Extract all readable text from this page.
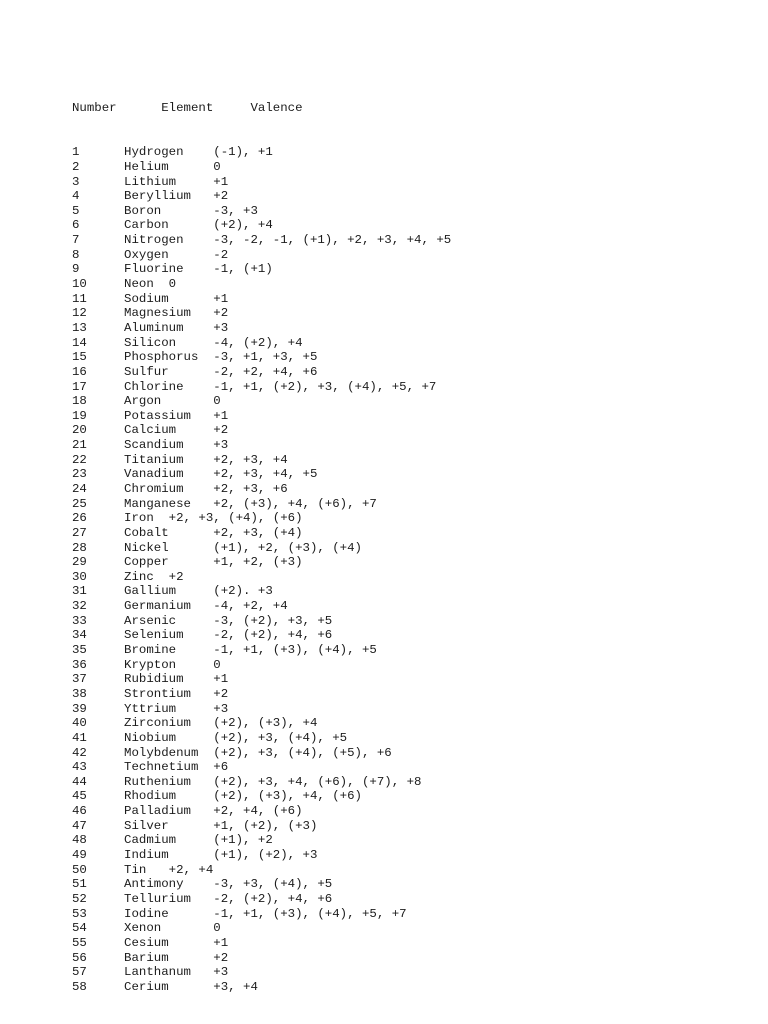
Number      Element     Valence

1      Hydrogen    (-1), +1
2      Helium      0
3      Lithium     +1
4      Beryllium   +2
5      Boron       -3, +3
6      Carbon      (+2), +4
7      Nitrogen    -3, -2, -1, (+1), +2, +3, +4, +5
8      Oxygen      -2
9      Fluorine    -1, (+1)
10     Neon  0
11     Sodium      +1
12     Magnesium   +2
13     Aluminum    +3
14     Silicon     -4, (+2), +4
15     Phosphorus  -3, +1, +3, +5
16     Sulfur      -2, +2, +4, +6
17     Chlorine    -1, +1, (+2), +3, (+4), +5, +7
18     Argon       0
19     Potassium   +1
20     Calcium     +2
21     Scandium    +3
22     Titanium    +2, +3, +4
23     Vanadium    +2, +3, +4, +5
24     Chromium    +2, +3, +6
25     Manganese   +2, (+3), +4, (+6), +7
26     Iron  +2, +3, (+4), (+6)
27     Cobalt      +2, +3, (+4)
28     Nickel      (+1), +2, (+3), (+4)
29     Copper      +1, +2, (+3)
30     Zinc  +2
31     Gallium     (+2). +3
32     Germanium   -4, +2, +4
33     Arsenic     -3, (+2), +3, +5
34     Selenium    -2, (+2), +4, +6
35     Bromine     -1, +1, (+3), (+4), +5
36     Krypton     0
37     Rubidium    +1
38     Strontium   +2
39     Yttrium     +3
40     Zirconium   (+2), (+3), +4
41     Niobium     (+2), +3, (+4), +5
42     Molybdenum  (+2), +3, (+4), (+5), +6
43     Technetium  +6
44     Ruthenium   (+2), +3, +4, (+6), (+7), +8
45     Rhodium     (+2), (+3), +4, (+6)
46     Palladium   +2, +4, (+6)
47     Silver      +1, (+2), (+3)
48     Cadmium     (+1), +2
49     Indium      (+1), (+2), +3
50     Tin   +2, +4
51     Antimony    -3, +3, (+4), +5
52     Tellurium   -2, (+2), +4, +6
53     Iodine      -1, +1, (+3), (+4), +5, +7
54     Xenon       0
55     Cesium      +1
56     Barium      +2
57     Lanthanum   +3
58     Cerium      +3, +4
